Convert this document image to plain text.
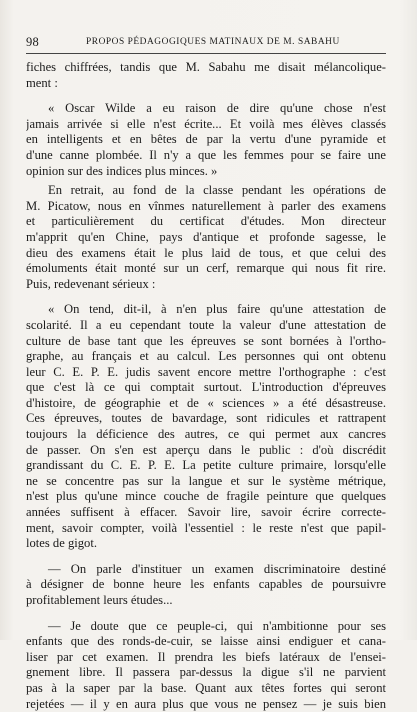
98	PROPOS PÉDAGOGIQUES MATINAUX DE M. SABAHU
fiches chiffrées, tandis que M. Sabahu me disait mélancolique-
ment :
« Oscar Wilde a eu raison de dire qu'une chose n'est
jamais arrivée si elle n'est écrite... Et voilà mes élèves classés
en intelligents et en bêtes de par la vertu d'une pyramide et
d'une canne plombée. Il n'y a que les femmes pour se faire une
opinion sur des indices plus minces. »
En retrait, au fond de la classe pendant les opérations de
M. Picatow, nous en vînmes naturellement à parler des examens
et particulièrement du certificat d'études. Mon directeur
m'apprit qu'en Chine, pays d'antique et profonde sagesse, le
dieu des examens était le plus laid de tous, et que celui des
émoluments était monté sur un cerf, remarque qui nous fit rire.
Puis, redevenant sérieux :
« On tend, dit-il, à n'en plus faire qu'une attestation de
scolarité. Il a eu cependant toute la valeur d'une attestation de
culture de base tant que les épreuves se sont bornées à l'ortho-
graphe, au français et au calcul. Les personnes qui ont obtenu
leur C. E. P. E. judis savent encore mettre l'orthographe : c'est
que c'est là ce qui comptait surtout. L'introduction d'épreuves
d'histoire, de géographie et de « sciences » a été désastreuse.
Ces épreuves, toutes de bavardage, sont ridicules et rattrapent
toujours la déficience des autres, ce qui permet aux cancres
de passer. On s'en est aperçu dans le public : d'où discrédit
grandissant du C. E. P. E. La petite culture primaire, lorsqu'elle
ne se concentre pas sur la langue et sur le système métrique,
n'est plus qu'une mince couche de fragile peinture que quelques
années suffisent à effacer. Savoir lire, savoir écrire correcte-
ment, savoir compter, voilà l'essentiel : le reste n'est que papil-
lotes de gigot.
— On parle d'instituer un examen discriminatoire destiné
à désigner de bonne heure les enfants capables de poursuivre
profitablement leurs études...
— Je doute que ce peuple-ci, qui n'ambitionne pour ses
enfants que des ronds-de-cuir, se laisse ainsi endiguer et cana-
liser par cet examen. Il prendra les biefs latéraux de l'ensei-
gnement libre. Il passera par-dessus la digue s'il ne parvient
pas à la saper par la base. Quant aux têtes fortes qui seront
rejetées — il y en aura plus que vous ne pensez — je suis bien
